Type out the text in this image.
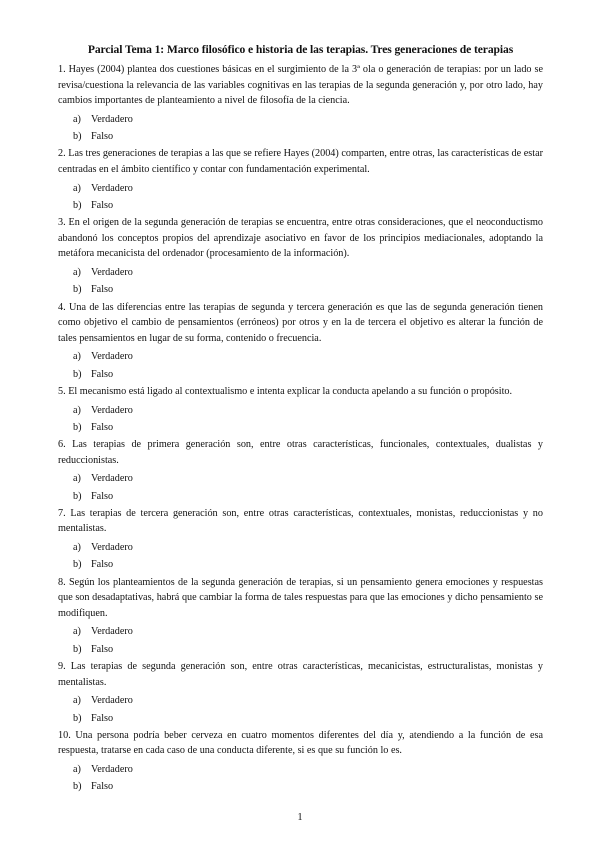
Parcial Tema 1: Marco filosófico e historia de las terapias. Tres generaciones de terapias

1. Hayes (2004) plantea dos cuestiones básicas en el surgimiento de la 3ª ola o generación de terapias: por un lado se revisa/cuestiona la relevancia de las variables cognitivas en las terapias de la segunda generación y, por otro lado, hay cambios importantes de planteamiento a nivel de filosofía de la ciencia.

a) Verdadero
b) Falso

2. Las tres generaciones de terapias a las que se refiere Hayes (2004) comparten, entre otras, las características de estar centradas en el ámbito científico y contar con fundamentación experimental.

a) Verdadero
b) Falso

3. En el origen de la segunda generación de terapias se encuentra, entre otras consideraciones, que el neoconductismo abandonó los conceptos propios del aprendizaje asociativo en favor de los principios mediacionales, adoptando la metáfora mecanicista del ordenador (procesamiento de la información).

a) Verdadero
b) Falso

4. Una de las diferencias entre las terapias de segunda y tercera generación es que las de segunda generación tienen como objetivo el cambio de pensamientos (erróneos) por otros y en la de tercera el objetivo es alterar la función de tales pensamientos en lugar de su forma, contenido o frecuencia.

a) Verdadero
b) Falso

5. El mecanismo está ligado al contextualismo e intenta explicar la conducta apelando a su función o propósito.

a) Verdadero
b) Falso

6. Las terapias de primera generación son, entre otras características, funcionales, contextuales, dualistas y reduccionistas.

a) Verdadero
b) Falso

7. Las terapias de tercera generación son, entre otras características, contextuales, monistas, reduccionistas y no mentalistas.

a) Verdadero
b) Falso

8. Según los planteamientos de la segunda generación de terapias, si un pensamiento genera emociones y respuestas que son desadaptativas, habrá que cambiar la forma de tales respuestas para que las emociones y dicho pensamiento se modifiquen.

a) Verdadero
b) Falso

9. Las terapias de segunda generación son, entre otras características, mecanicistas, estructuralistas, monistas y mentalistas.

a) Verdadero
b) Falso

10. Una persona podría beber cerveza en cuatro momentos diferentes del día y, atendiendo a la función de esa respuesta, tratarse en cada caso de una conducta diferente, si es que su función lo es.

a) Verdadero
b) Falso
1
